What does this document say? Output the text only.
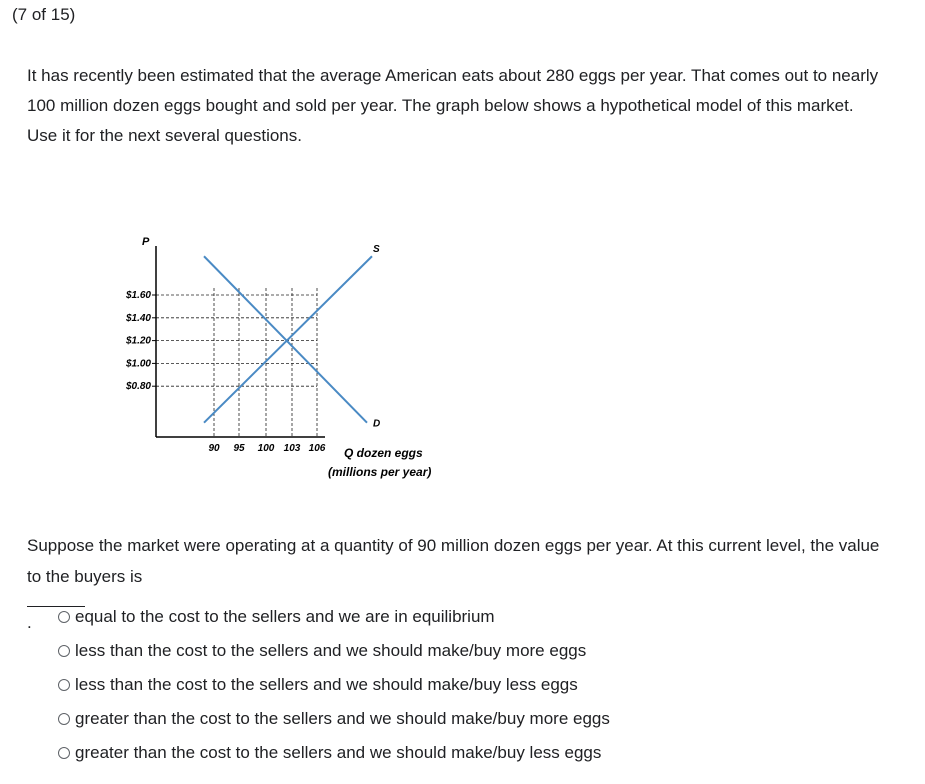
(7 of 15)

It has recently been estimated that the average American eats about 280 eggs per year. That comes out to nearly
100 million dozen eggs bought and sold per year. The graph below shows a hypothetical model of this market.
Use it for the next several questions.

S
D
P
$1.60
$1.40
$1.20
$1.00
$0.80
90 95 100 103 106 Q dozen eggs
(millions per year)

Suppose the market were operating at a quantity of 90 million dozen eggs per year. At this current level, the value
to the buyers is
.	equal to the cost to the sellers and we are in equilibrium
less than the cost to the sellers and we should make/buy more eggs
less than the cost to the sellers and we should make/buy less eggs
greater than the cost to the sellers and we should make/buy more eggs
greater than the cost to the sellers and we should make/buy less eggs
